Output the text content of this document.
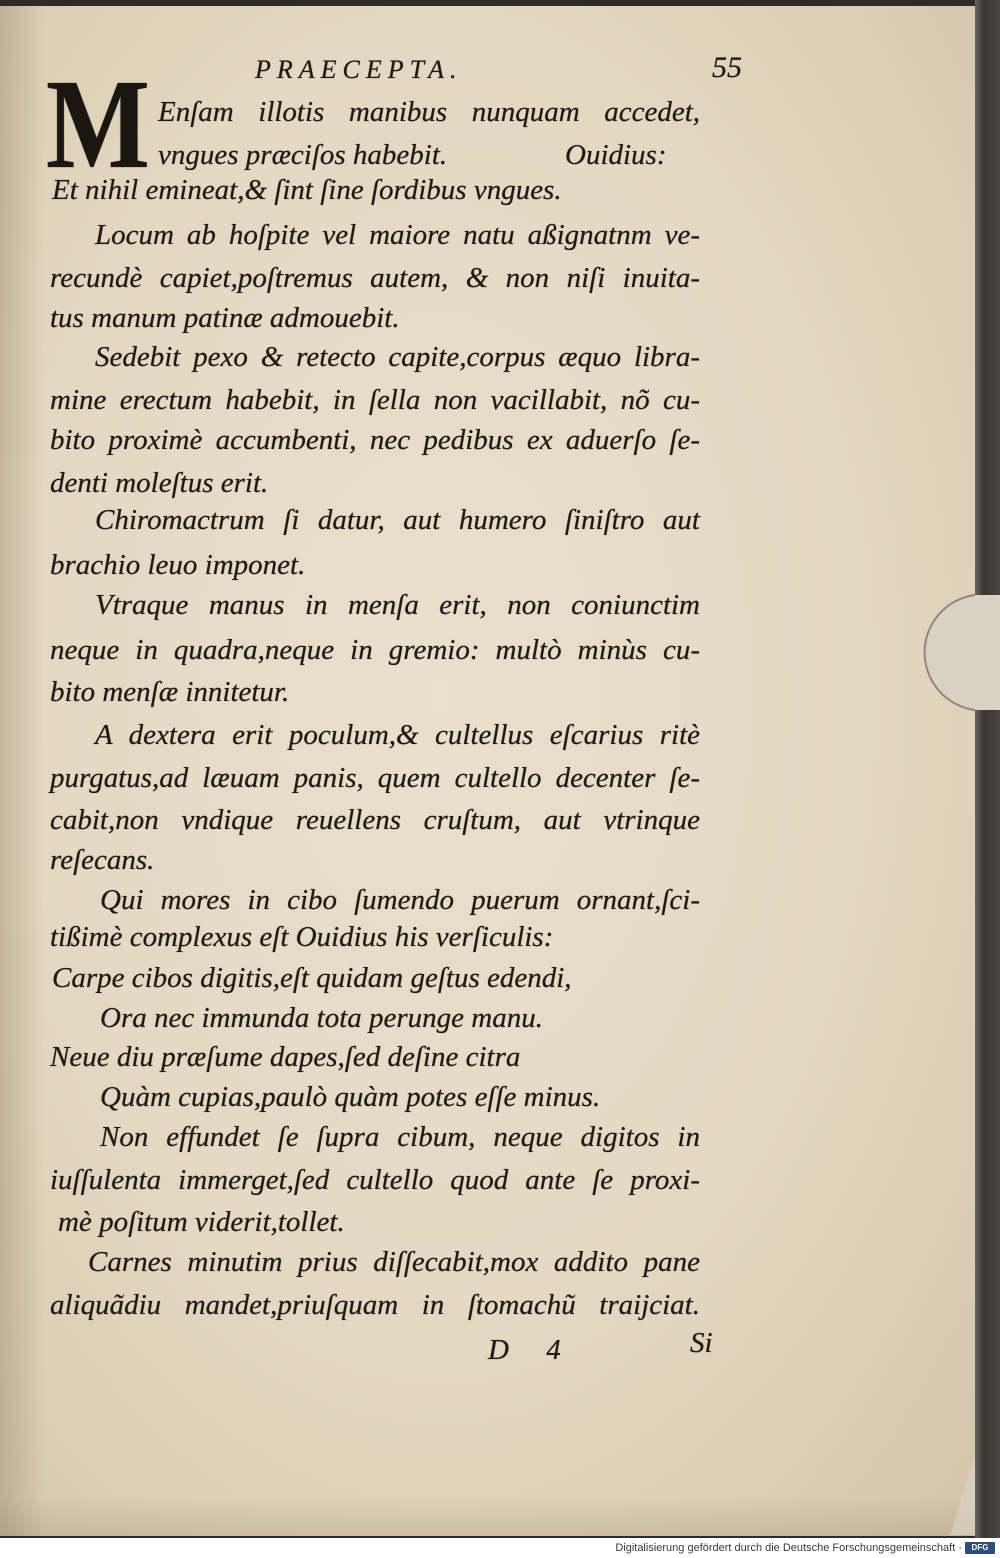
PRAECEPTA.	55
M Enſam illotis manibus nunquam accedet,
vngues præciſos habebit.	Ouidius:
Et nihil emineat,& ſint ſine ſordibus vngues.
Locum ab hoſpite vel maiore natu aßignatnm ve-
recundè capiet,poſtremus autem, & non niſi inuita-
tus manum patinæ admouebit.
Sedebit pexo & retecto capite,corpus æquo libra-
mine erectum habebit, in ſella non vacillabit, nõ cu-
bito proximè accumbenti, nec pedibus ex aduerſo ſe-
denti moleſtus erit.
Chiromactrum ſi datur, aut humero ſiniſtro aut
brachio leuo imponet.
Vtraque manus in menſa erit, non coniunctim
neque in quadra,neque in gremio: multò minùs cu-
bito menſæ innitetur.
A dextera erit poculum,& cultellus eſcarius ritè
purgatus,ad læuam panis, quem cultello decenter ſe-
cabit,non vndique reuellens cruſtum, aut vtrinque
reſecans.
Qui mores in cibo ſumendo puerum ornant,ſci-
tißimè complexus eſt Ouidius his verſiculis:
Carpe cibos digitis,eſt quidam geſtus edendi,
Ora nec immunda tota perunge manu.
Neue diu præſume dapes,ſed deſine citra
Quàm cupias,paulò quàm potes eſſe minus.
Non effundet ſe ſupra cibum, neque digitos in
iuſſulenta immerget,ſed cultello quod ante ſe proxi-
mè poſitum viderit,tollet.
Carnes minutim prius diſſecabit,mox addito pane
aliquãdiu mandet,priuſquam in ſtomachũ traijciat.
D 4	Si
Digitalisierung gefördert durch die Deutsche Forschungsgemeinschaft ·	DFG
